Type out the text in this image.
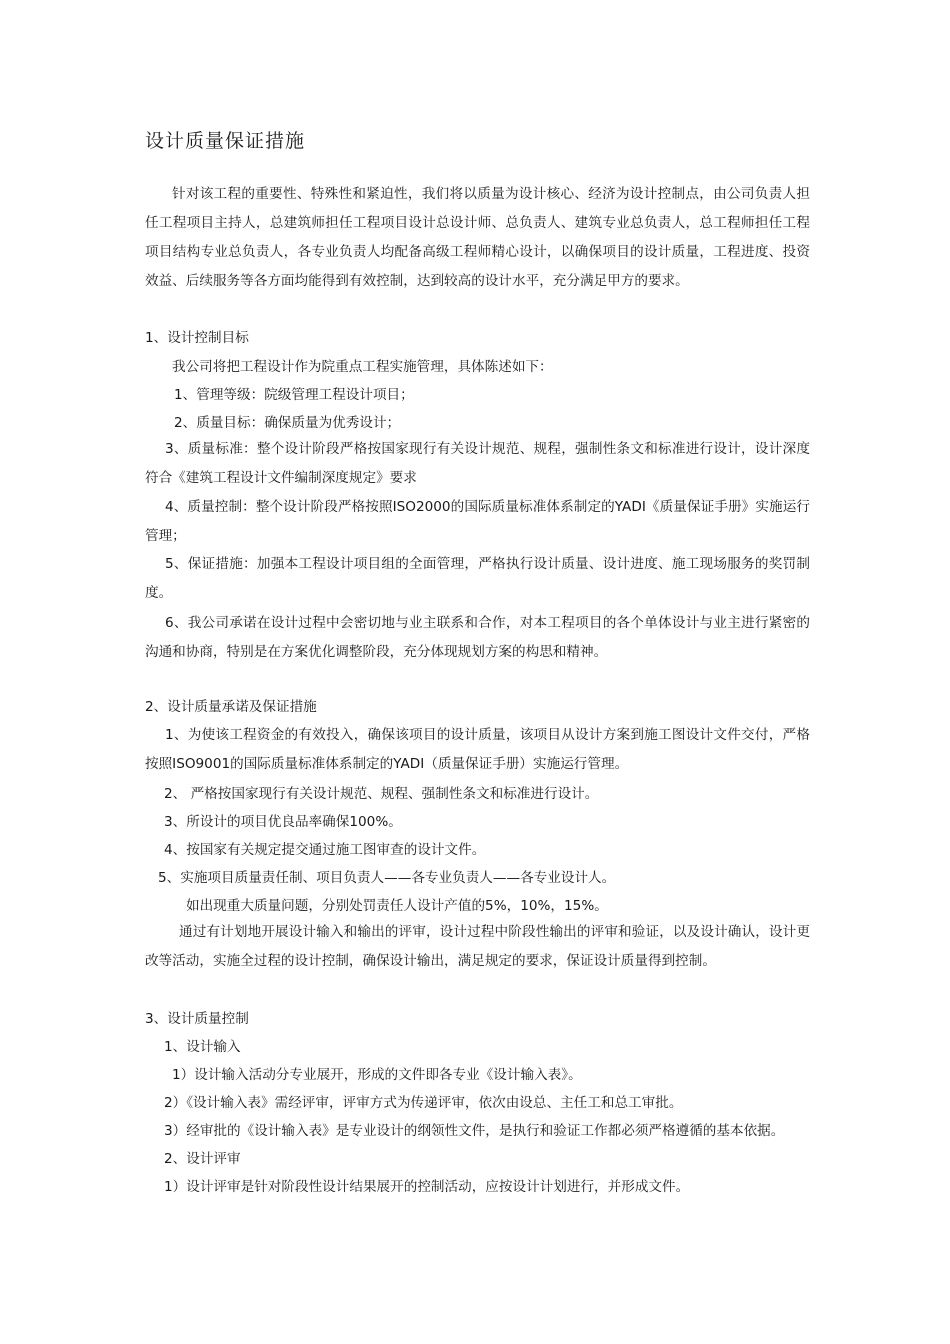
设计质量保证措施
针对该工程的重要性、特殊性和紧迫性，我们将以质量为设计核心、经济为设计控制点，由公司负责人担任工程项目主持人，总建筑师担任工程项目设计总设计师、总负责人、建筑专业总负责人，总工程师担任工程项目结构专业总负责人，各专业负责人均配备高级工程师精心设计，以确保项目的设计质量，工程进度、投资效益、后续服务等各方面均能得到有效控制，达到较高的设计水平，充分满足甲方的要求。
1、设计控制目标
我公司将把工程设计作为院重点工程实施管理，具体陈述如下：
1、管理等级：院级管理工程设计项目；
2、质量目标：确保质量为优秀设计；
3、质量标准：整个设计阶段严格按国家现行有关设计规范、规程，强制性条文和标准进行设计，设计深度符合《建筑工程设计文件编制深度规定》要求
4、质量控制：整个设计阶段严格按照ISO2000的国际质量标准体系制定的YADI《质量保证手册》实施运行管理；
5、保证措施：加强本工程设计项目组的全面管理，严格执行设计质量、设计进度、施工现场服务的奖罚制度。
6、我公司承诺在设计过程中会密切地与业主联系和合作，对本工程项目的各个单体设计与业主进行紧密的沟通和协商，特别是在方案优化调整阶段，充分体现规划方案的构思和精神。
2、设计质量承诺及保证措施
1、为使该工程资金的有效投入，确保该项目的设计质量，该项目从设计方案到施工图设计文件交付，严格按照ISO9001的国际质量标准体系制定的YADI（质量保证手册）实施运行管理。
2、 严格按国家现行有关设计规范、规程、强制性条文和标准进行设计。
3、所设计的项目优良品率确保100%。
4、按国家有关规定提交通过施工图审查的设计文件。
5、实施项目质量责任制、项目负责人——各专业负责人——各专业设计人。
如出现重大质量问题，分别处罚责任人设计产值的5%，10%，15%。
通过有计划地开展设计输入和输出的评审，设计过程中阶段性输出的评审和验证，以及设计确认，设计更改等活动，实施全过程的设计控制，确保设计输出，满足规定的要求，保证设计质量得到控制。
3、设计质量控制
1、设计输入
1）设计输入活动分专业展开，形成的文件即各专业《设计输入表》。
2）《设计输入表》需经评审，评审方式为传递评审，依次由设总、主任工和总工审批。
3）经审批的《设计输入表》是专业设计的纲领性文件，是执行和验证工作都必须严格遵循的基本依据。
2、设计评审
1）设计评审是针对阶段性设计结果展开的控制活动，应按设计计划进行，并形成文件。
